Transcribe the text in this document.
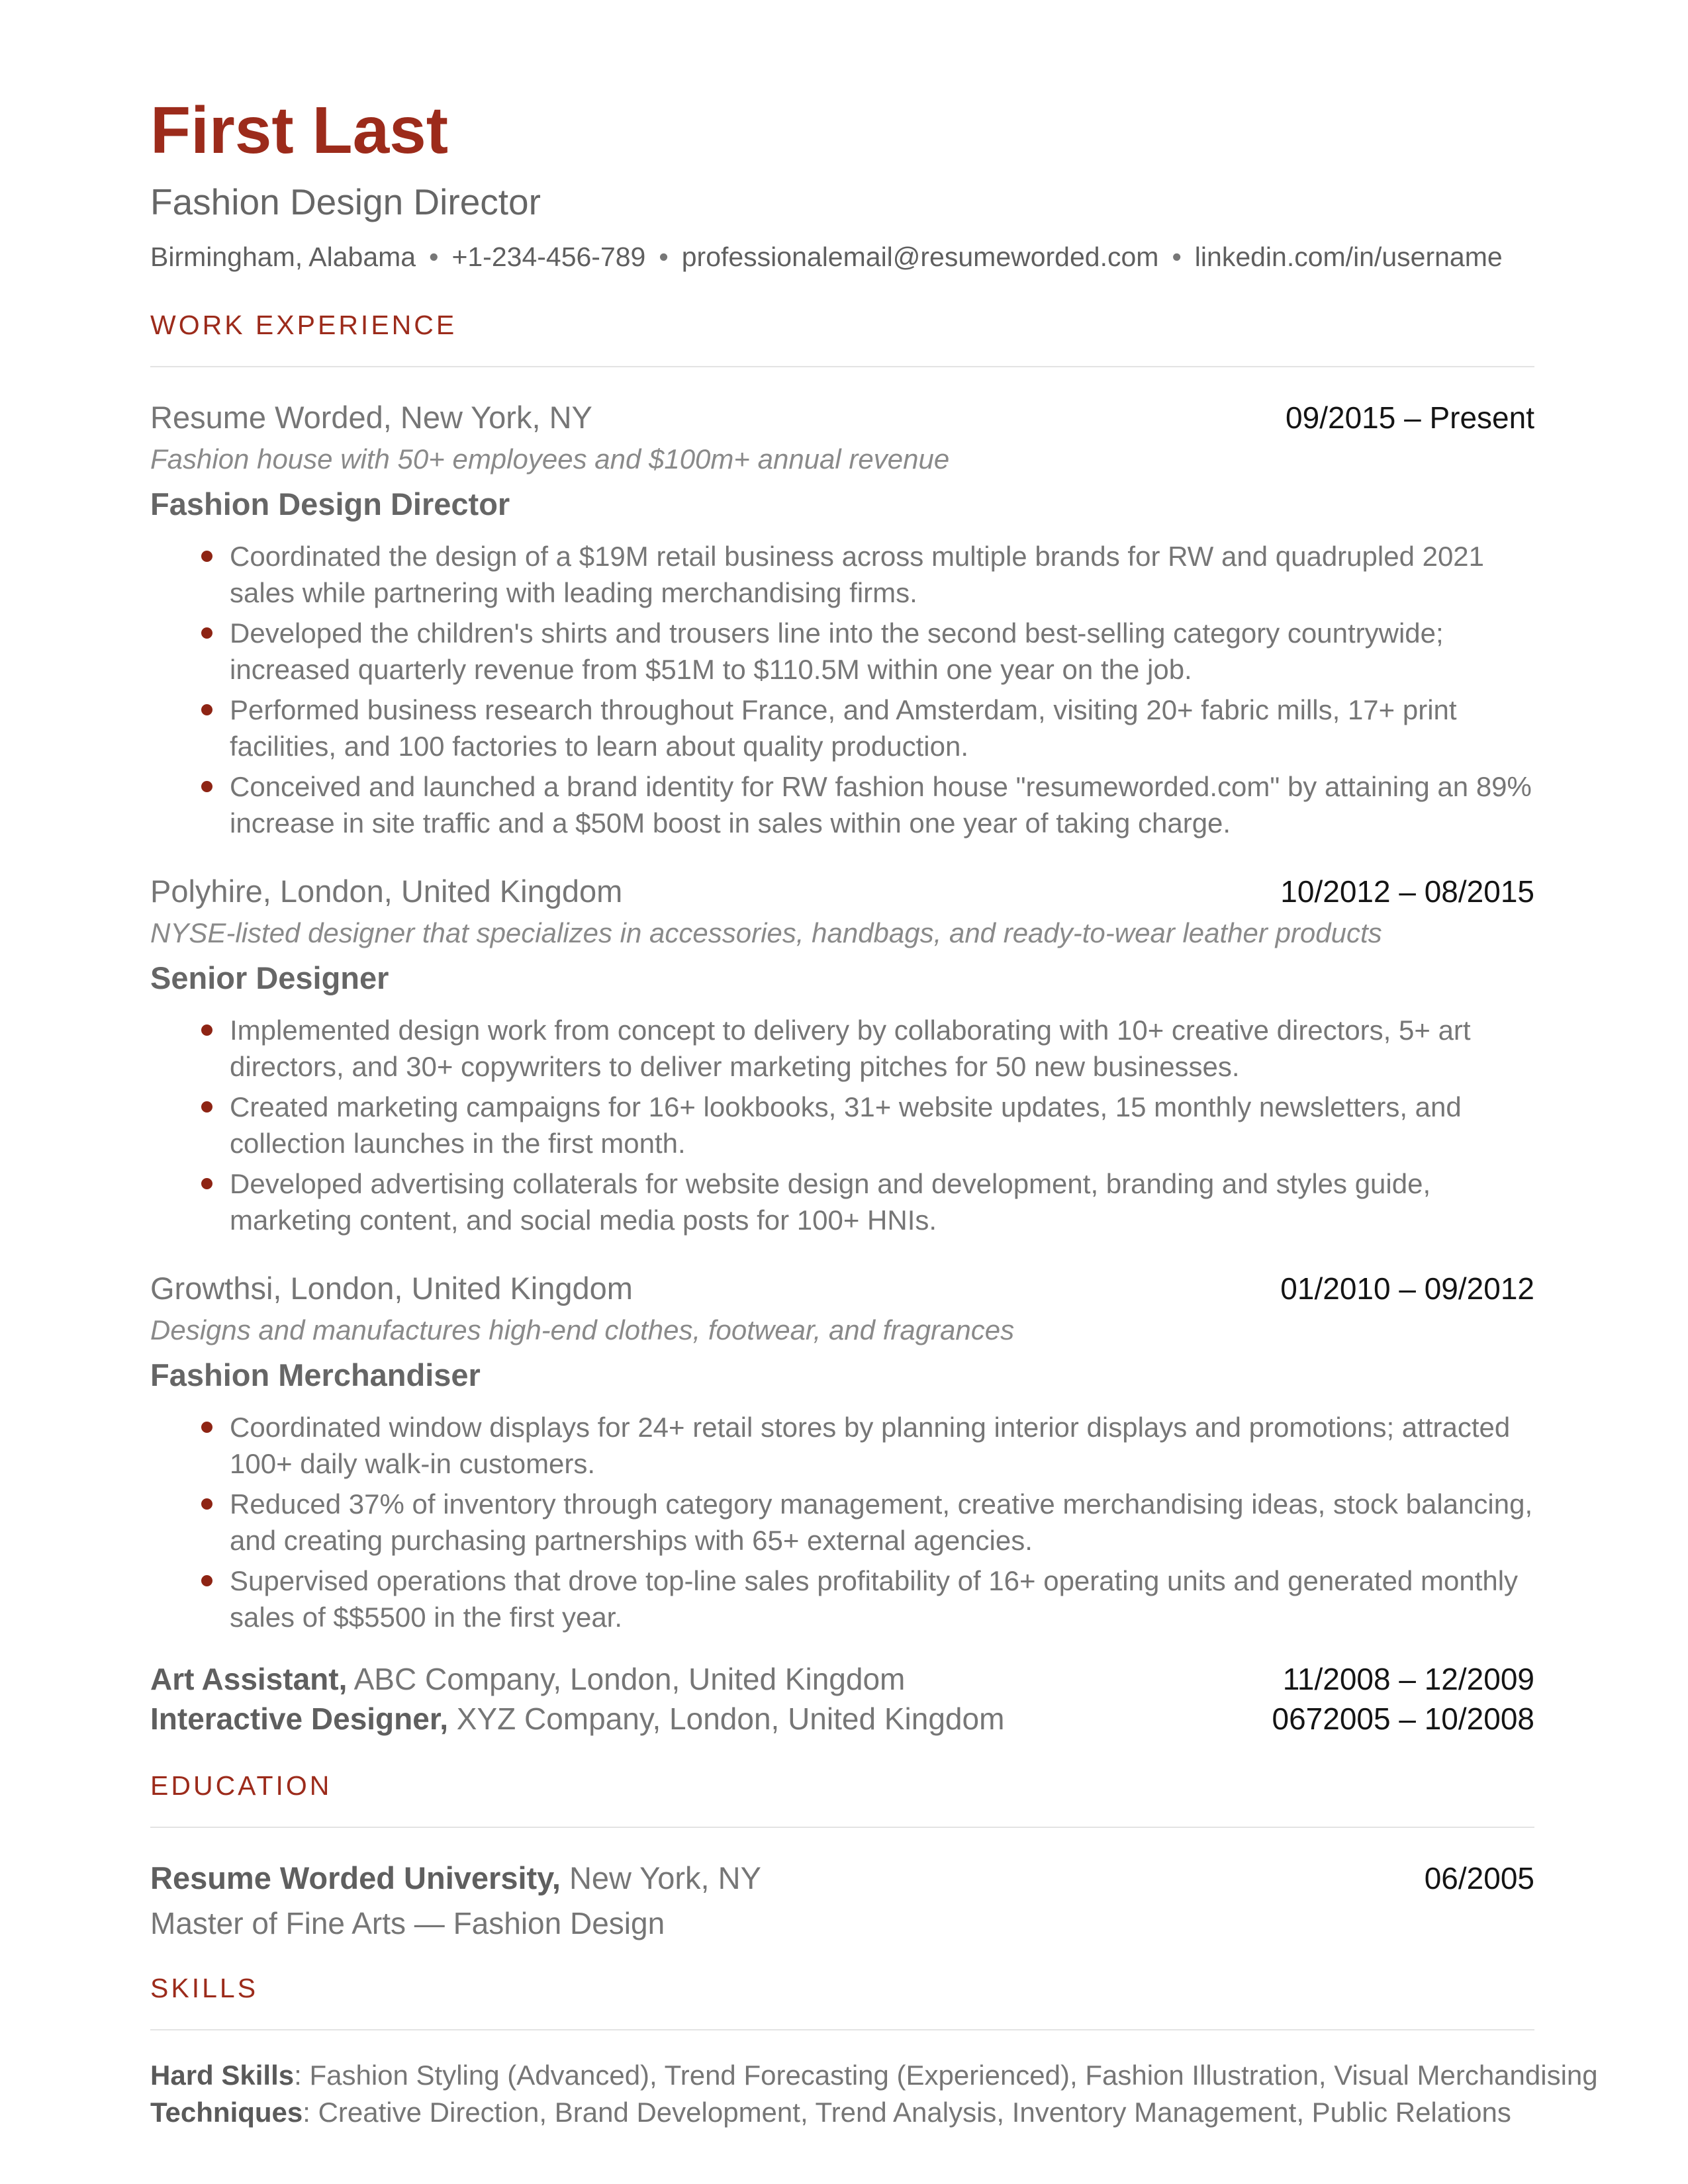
First Last
Fashion Design Director
Birmingham, Alabama • +1-234-456-789 • professionalemail@resumeworded.com • linkedin.com/in/username
WORK EXPERIENCE
Resume Worded, New York, NY	09/2015 – Present
Fashion house with 50+ employees and $100m+ annual revenue
Fashion Design Director
Coordinated the design of a $19M retail business across multiple brands for RW and quadrupled 2021 sales while partnering with leading merchandising firms.
Developed the children's shirts and trousers line into the second best-selling category countrywide; increased quarterly revenue from $51M to $110.5M within one year on the job.
Performed business research throughout France, and Amsterdam, visiting 20+ fabric mills, 17+ print facilities, and 100 factories to learn about quality production.
Conceived and launched a brand identity for RW fashion house "resumeworded.com" by attaining an 89% increase in site traffic and a $50M boost in sales within one year of taking charge.
Polyhire, London, United Kingdom	10/2012 – 08/2015
NYSE-listed designer that specializes in accessories, handbags, and ready-to-wear leather products
Senior Designer
Implemented design work from concept to delivery by collaborating with 10+ creative directors, 5+ art directors, and 30+ copywriters to deliver marketing pitches for 50 new businesses.
Created marketing campaigns for 16+ lookbooks, 31+ website updates, 15 monthly newsletters, and collection launches in the first month.
Developed advertising collaterals for website design and development, branding and styles guide, marketing content, and social media posts for 100+ HNIs.
Growthsi, London, United Kingdom	01/2010 – 09/2012
Designs and manufactures high-end clothes, footwear, and fragrances
Fashion Merchandiser
Coordinated window displays for 24+ retail stores by planning interior displays and promotions; attracted 100+ daily walk-in customers.
Reduced 37% of inventory through category management, creative merchandising ideas, stock balancing, and creating purchasing partnerships with 65+ external agencies.
Supervised operations that drove top-line sales profitability of 16+ operating units and generated monthly sales of $$5500 in the first year.
Art Assistant, ABC Company, London, United Kingdom	11/2008 – 12/2009
Interactive Designer, XYZ Company, London, United Kingdom	0672005 – 10/2008
EDUCATION
Resume Worded University, New York, NY	06/2005
Master of Fine Arts — Fashion Design
SKILLS
Hard Skills: Fashion Styling (Advanced), Trend Forecasting (Experienced), Fashion Illustration, Visual Merchandising
Techniques: Creative Direction, Brand Development, Trend Analysis, Inventory Management, Public Relations
